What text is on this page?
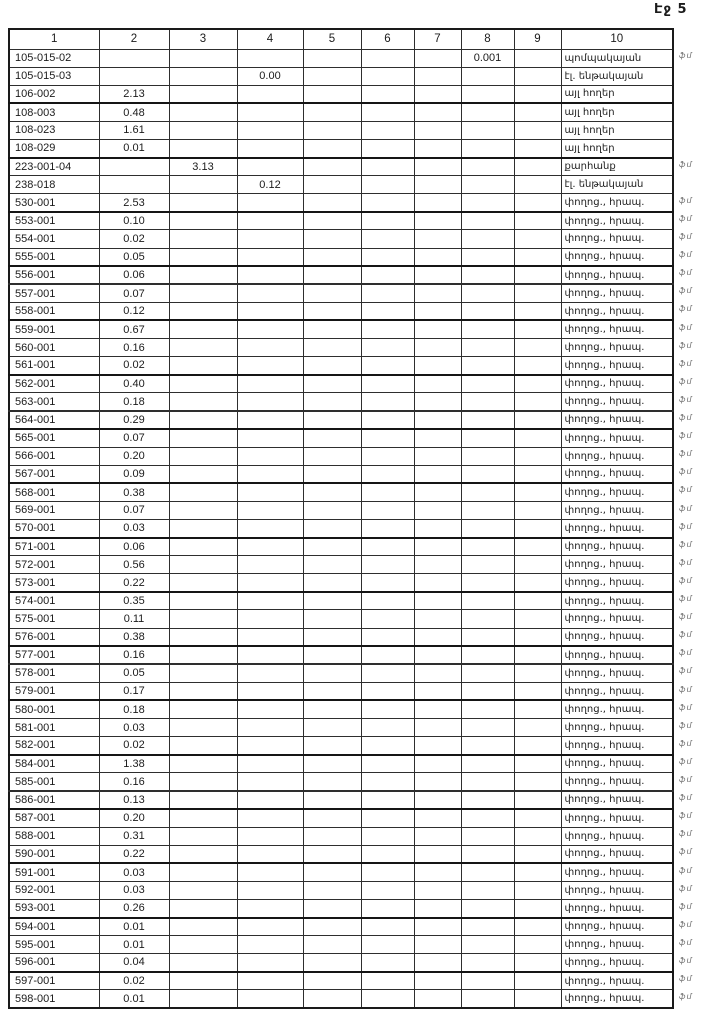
Էջ 5
1	2	3	4	5	6	7	8	9	10
105-015-02							0.001		պոմպակայան
105-015-03			0.00						էլ. ենթակայան
106-002	2.13								այլ հողեր
108-003	0.48								այլ հողեր
108-023	1.61								այլ հողեր
108-029	0.01								այլ հողեր
223-001-04		3.13							քարհանք
238-018			0.12						էլ. ենթակայան
530-001	2.53								փողոց., հրապ.
553-001	0.10								փողոց., հրապ.
554-001	0.02								փողոց., հրապ.
555-001	0.05								փողոց., հրապ.
556-001	0.06								փողոց., հրապ.
557-001	0.07								փողոց., հրապ.
558-001	0.12								փողոց., հրապ.
559-001	0.67								փողոց., հրապ.
560-001	0.16								փողոց., հրապ.
561-001	0.02								փողոց., հրապ.
562-001	0.40								փողոց., հրապ.
563-001	0.18								փողոց., հրապ.
564-001	0.29								փողոց., հրապ.
565-001	0.07								փողոց., հրապ.
566-001	0.20								փողոց., հրապ.
567-001	0.09								փողոց., հրապ.
568-001	0.38								փողոց., հրապ.
569-001	0.07								փողոց., հրապ.
570-001	0.03								փողոց., հրապ.
571-001	0.06								փողոց., հրապ.
572-001	0.56								փողոց., հրապ.
573-001	0.22								փողոց., հրապ.
574-001	0.35								փողոց., հրապ.
575-001	0.11								փողոց., հրապ.
576-001	0.38								փողոց., հրապ.
577-001	0.16								փողոց., հրապ.
578-001	0.05								փողոց., հրապ.
579-001	0.17								փողոց., հրապ.
580-001	0.18								փողոց., հրապ.
581-001	0.03								փողոց., հրապ.
582-001	0.02								փողոց., հրապ.
584-001	1.38								փողոց., հրապ.
585-001	0.16								փողոց., հրապ.
586-001	0.13								փողոց., հրապ.
587-001	0.20								փողոց., հրապ.
588-001	0.31								փողոց., հրապ.
590-001	0.22								փողոց., հրապ.
591-001	0.03								փողոց., հրապ.
592-001	0.03								փողոց., հրապ.
593-001	0.26								փողոց., հրապ.
594-001	0.01								փողոց., հրապ.
595-001	0.01								փողոց., հրապ.
596-001	0.04								փողոց., հրապ.
597-001	0.02								փողոց., հրապ.
598-001	0.01								փողոց., հրապ.
ֆմ
ֆմ
ֆմ
ֆմ
ֆմ
ֆմ
ֆմ
ֆմ
ֆմ
ֆմ
ֆմ
ֆմ
ֆմ
ֆմ
ֆմ
ֆմ
ֆմ
ֆմ
ֆմ
ֆմ
ֆմ
ֆմ
ֆմ
ֆմ
ֆմ
ֆմ
ֆմ
ֆմ
ֆմ
ֆմ
ֆմ
ֆմ
ֆմ
ֆմ
ֆմ
ֆմ
ֆմ
ֆմ
ֆմ
ֆմ
ֆմ
ֆմ
ֆմ
ֆմ
ֆմ
ֆմ
ֆմ
